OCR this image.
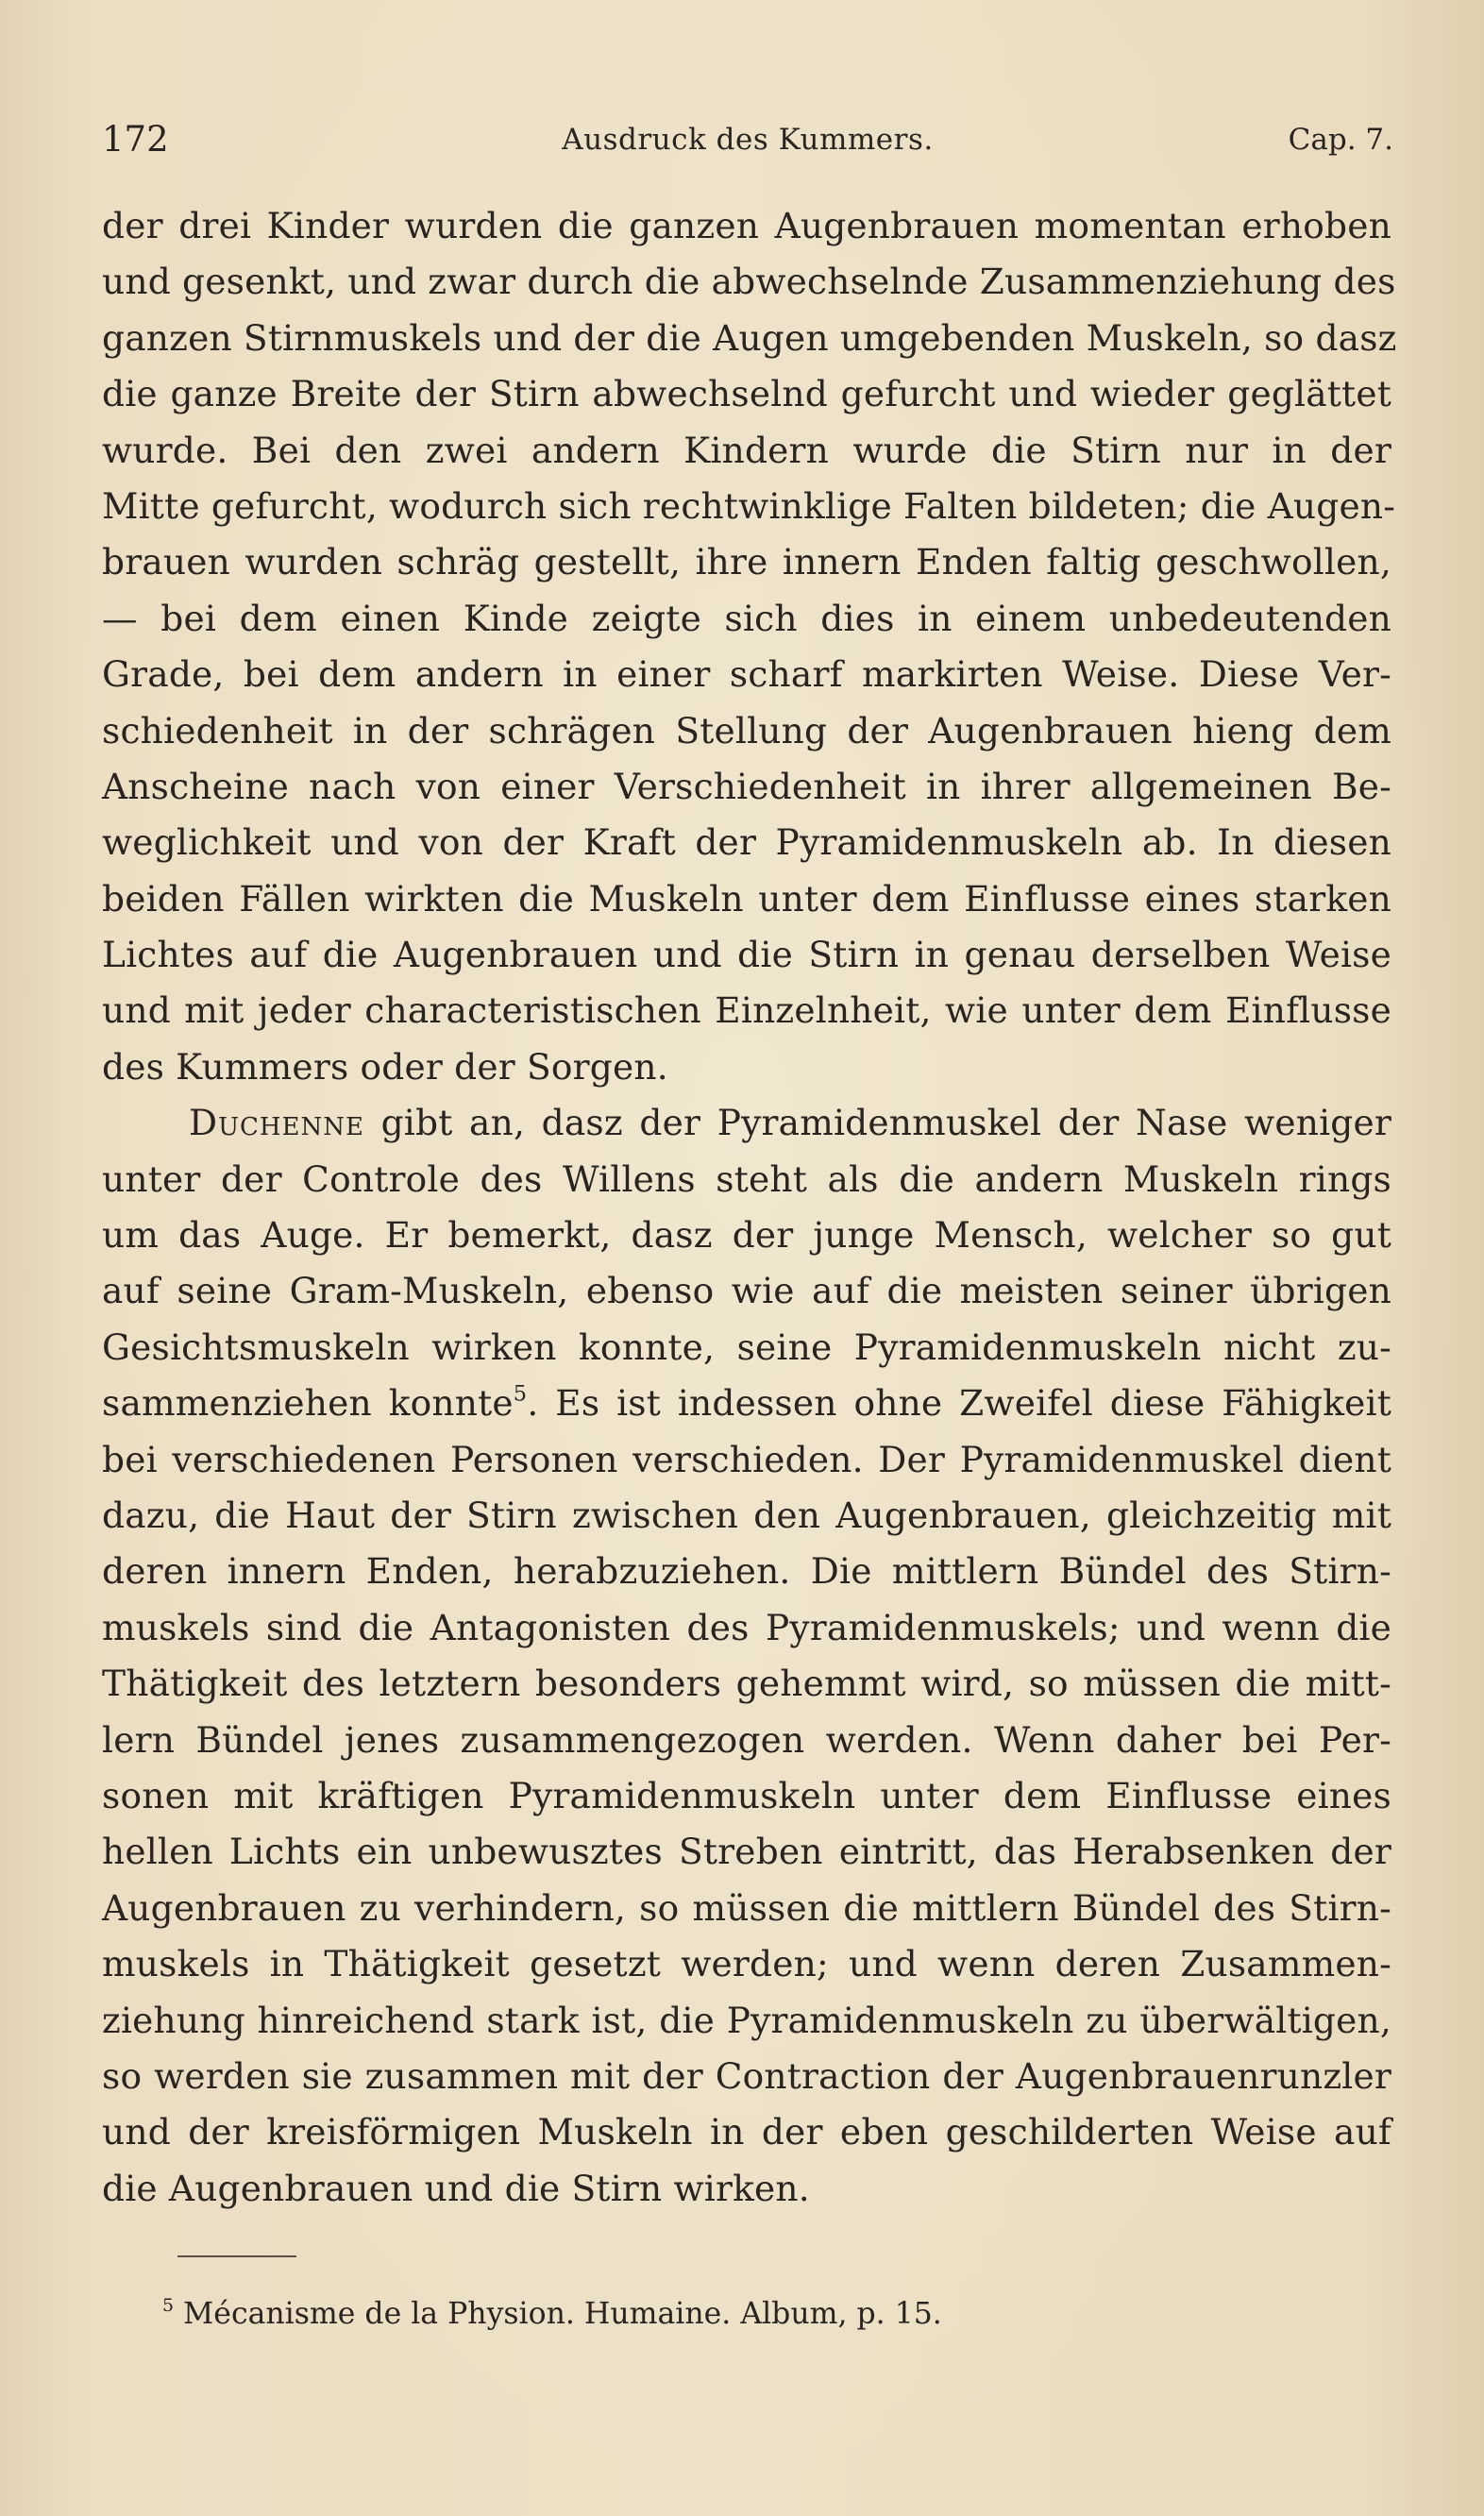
172	Ausdruck des Kummers.	Cap. 7.
der drei Kinder wurden die ganzen Augenbrauen momentan erhoben
und gesenkt, und zwar durch die abwechselnde Zusammenziehung des
ganzen Stirnmuskels und der die Augen umgebenden Muskeln, so dasz
die ganze Breite der Stirn abwechselnd gefurcht und wieder geglättet
wurde. Bei den zwei andern Kindern wurde die Stirn nur in der
Mitte gefurcht, wodurch sich rechtwinklige Falten bildeten; die Augen-
brauen wurden schräg gestellt, ihre innern Enden faltig geschwollen,
— bei dem einen Kinde zeigte sich dies in einem unbedeutenden
Grade, bei dem andern in einer scharf markirten Weise. Diese Ver-
schiedenheit in der schrägen Stellung der Augenbrauen hieng dem
Anscheine nach von einer Verschiedenheit in ihrer allgemeinen Be-
weglichkeit und von der Kraft der Pyramidenmuskeln ab. In diesen
beiden Fällen wirkten die Muskeln unter dem Einflusse eines starken
Lichtes auf die Augenbrauen und die Stirn in genau derselben Weise
und mit jeder characteristischen Einzelnheit, wie unter dem Einflusse
des Kummers oder der Sorgen.
Duchenne gibt an, dasz der Pyramidenmuskel der Nase weniger
unter der Controle des Willens steht als die andern Muskeln rings
um das Auge. Er bemerkt, dasz der junge Mensch, welcher so gut
auf seine Gram-Muskeln, ebenso wie auf die meisten seiner übrigen
Gesichtsmuskeln wirken konnte, seine Pyramidenmuskeln nicht zu-
sammenziehen konnte$^5$. Es ist indessen ohne Zweifel diese Fähigkeit
bei verschiedenen Personen verschieden. Der Pyramidenmuskel dient
dazu, die Haut der Stirn zwischen den Augenbrauen, gleichzeitig mit
deren innern Enden, herabzuziehen. Die mittlern Bündel des Stirn-
muskels sind die Antagonisten des Pyramidenmuskels; und wenn die
Thätigkeit des letztern besonders gehemmt wird, so müssen die mitt-
lern Bündel jenes zusammengezogen werden. Wenn daher bei Per-
sonen mit kräftigen Pyramidenmuskeln unter dem Einflusse eines
hellen Lichts ein unbewusztes Streben eintritt, das Herabsenken der
Augenbrauen zu verhindern, so müssen die mittlern Bündel des Stirn-
muskels in Thätigkeit gesetzt werden; und wenn deren Zusammen-
ziehung hinreichend stark ist, die Pyramidenmuskeln zu überwältigen,
so werden sie zusammen mit der Contraction der Augenbrauenrunzler
und der kreisförmigen Muskeln in der eben geschilderten Weise auf
die Augenbrauen und die Stirn wirken.
$^5$ Mécanisme de la Physion. Humaine. Album, p. 15.
